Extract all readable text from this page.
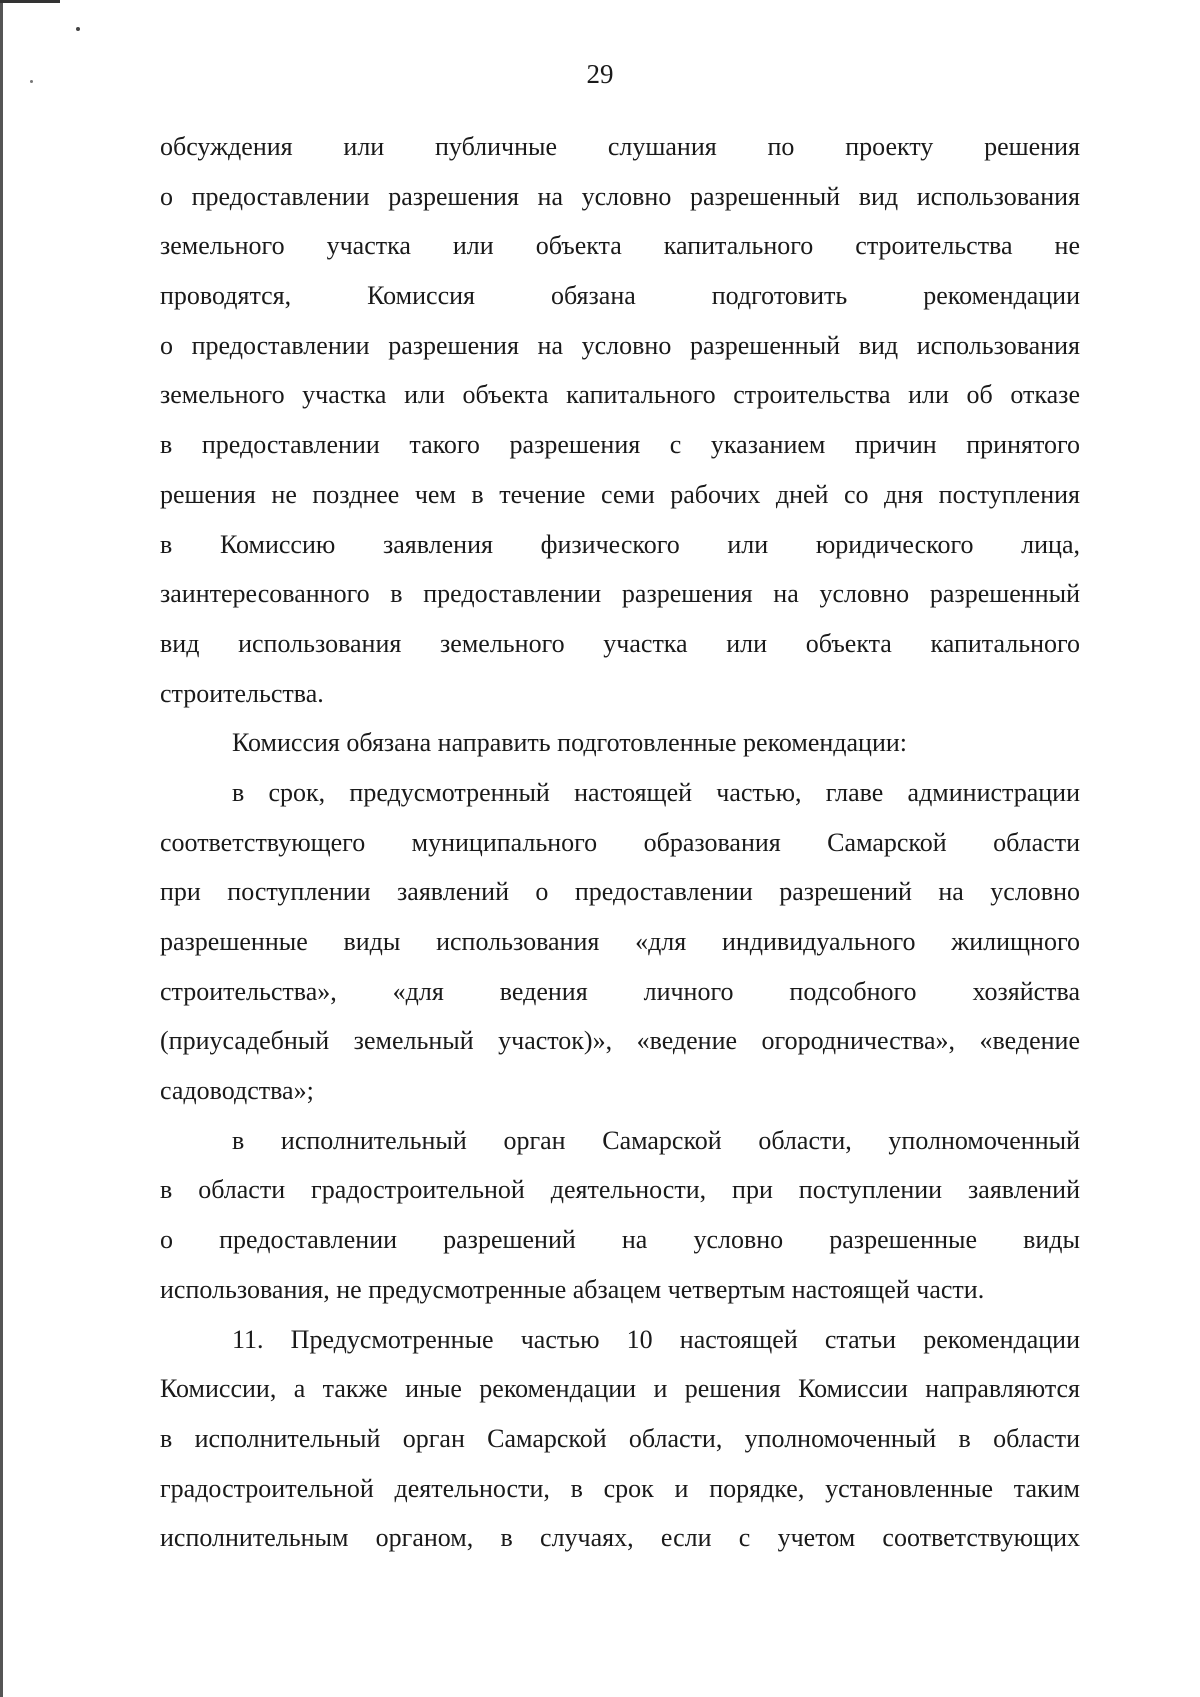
29
обсуждения или публичные слушания по проекту решения
о предоставлении разрешения на условно разрешенный вид использования
земельного участка или объекта капитального строительства не
проводятся, Комиссия обязана подготовить рекомендации
о предоставлении разрешения на условно разрешенный вид использования
земельного участка или объекта капитального строительства или об отказе
в предоставлении такого разрешения с указанием причин принятого
решения не позднее чем в течение семи рабочих дней со дня поступления
в Комиссию заявления физического или юридического лица,
заинтересованного в предоставлении разрешения на условно разрешенный
вид использования земельного участка или объекта капитального
строительства.
Комиссия обязана направить подготовленные рекомендации:
в срок, предусмотренный настоящей частью, главе администрации
соответствующего муниципального образования Самарской области
при поступлении заявлений о предоставлении разрешений на условно
разрешенные виды использования «для индивидуального жилищного
строительства», «для ведения личного подсобного хозяйства
(приусадебный земельный участок)», «ведение огородничества», «ведение
садоводства»;
в исполнительный орган Самарской области, уполномоченный
в области градостроительной деятельности, при поступлении заявлений
о предоставлении разрешений на условно разрешенные виды
использования, не предусмотренные абзацем четвертым настоящей части.
11. Предусмотренные частью 10 настоящей статьи рекомендации
Комиссии, а также иные рекомендации и решения Комиссии направляются
в исполнительный орган Самарской области, уполномоченный в области
градостроительной деятельности, в срок и порядке, установленные таким
исполнительным органом, в случаях, если с учетом соответствующих
